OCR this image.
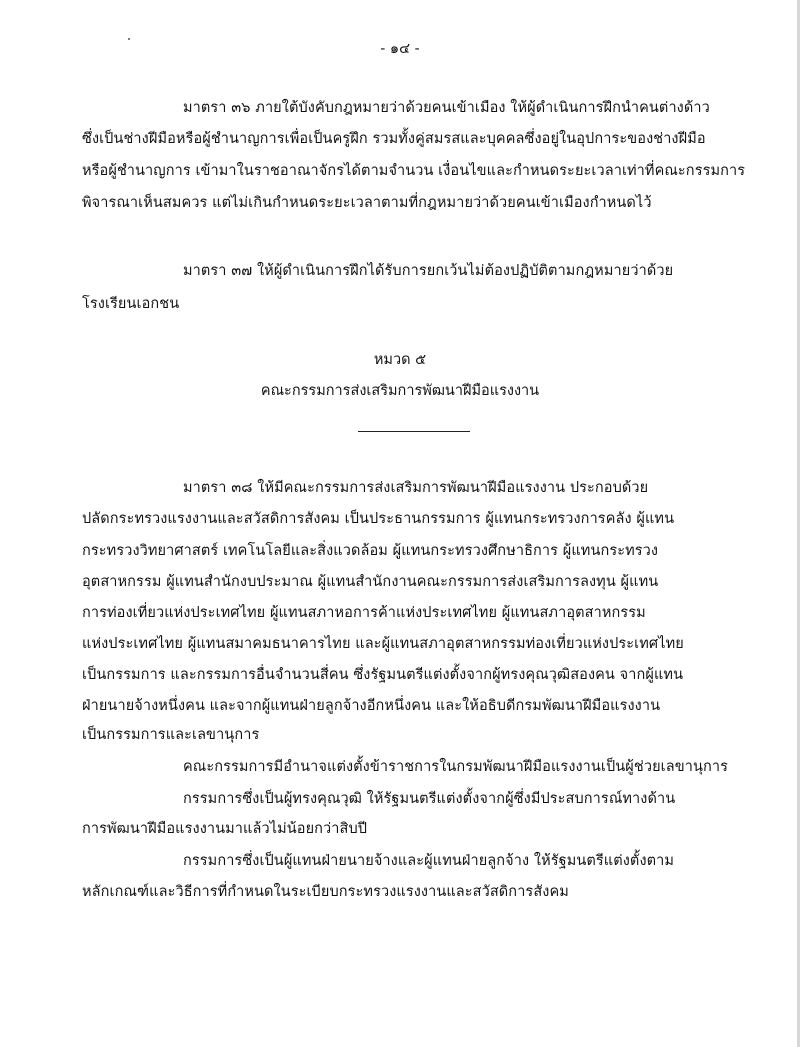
- ๑๔ -
มาตรา ๓๖ ภายใต้บังคับกฎหมายว่าด้วยคนเข้าเมือง ให้ผู้ดำเนินการฝึกนำคนต่างด้าว
ซึ่งเป็นช่างฝีมือหรือผู้ชำนาญการเพื่อเป็นครูฝึก รวมทั้งคู่สมรสและบุคคลซึ่งอยู่ในอุปการะของช่างฝีมือ
หรือผู้ชำนาญการ เข้ามาในราชอาณาจักรได้ตามจำนวน เงื่อนไขและกำหนดระยะเวลาเท่าที่คณะกรรมการ
พิจารณาเห็นสมควร แต่ไม่เกินกำหนดระยะเวลาตามที่กฎหมายว่าด้วยคนเข้าเมืองกำหนดไว้
มาตรา ๓๗ ให้ผู้ดำเนินการฝึกได้รับการยกเว้นไม่ต้องปฏิบัติตามกฎหมายว่าด้วย
โรงเรียนเอกชน
หมวด ๕
คณะกรรมการส่งเสริมการพัฒนาฝีมือแรงงาน
มาตรา ๓๘ ให้มีคณะกรรมการส่งเสริมการพัฒนาฝีมือแรงงาน ประกอบด้วย
ปลัดกระทรวงแรงงานและสวัสดิการสังคม เป็นประธานกรรมการ ผู้แทนกระทรวงการคลัง ผู้แทน
กระทรวงวิทยาศาสตร์ เทคโนโลยีและสิ่งแวดล้อม ผู้แทนกระทรวงศึกษาธิการ ผู้แทนกระทรวง
อุตสาหกรรม ผู้แทนสำนักงบประมาณ ผู้แทนสำนักงานคณะกรรมการส่งเสริมการลงทุน ผู้แทน
การท่องเที่ยวแห่งประเทศไทย ผู้แทนสภาหอการค้าแห่งประเทศไทย ผู้แทนสภาอุตสาหกรรม
แห่งประเทศไทย ผู้แทนสมาคมธนาคารไทย และผู้แทนสภาอุตสาหกรรมท่องเที่ยวแห่งประเทศไทย
เป็นกรรมการ และกรรมการอื่นจำนวนสี่คน ซึ่งรัฐมนตรีแต่งตั้งจากผู้ทรงคุณวุฒิสองคน จากผู้แทน
ฝ่ายนายจ้างหนึ่งคน และจากผู้แทนฝ่ายลูกจ้างอีกหนึ่งคน และให้อธิบดีกรมพัฒนาฝีมือแรงงาน
เป็นกรรมการและเลขานุการ
คณะกรรมการมีอำนาจแต่งตั้งข้าราชการในกรมพัฒนาฝีมือแรงงานเป็นผู้ช่วยเลขานุการ
กรรมการซึ่งเป็นผู้ทรงคุณวุฒิ ให้รัฐมนตรีแต่งตั้งจากผู้ซึ่งมีประสบการณ์ทางด้าน
การพัฒนาฝีมือแรงงานมาแล้วไม่น้อยกว่าสิบปี
กรรมการซึ่งเป็นผู้แทนฝ่ายนายจ้างและผู้แทนฝ่ายลูกจ้าง ให้รัฐมนตรีแต่งตั้งตาม
หลักเกณฑ์และวิธีการที่กำหนดในระเบียบกระทรวงแรงงานและสวัสดิการสังคม
